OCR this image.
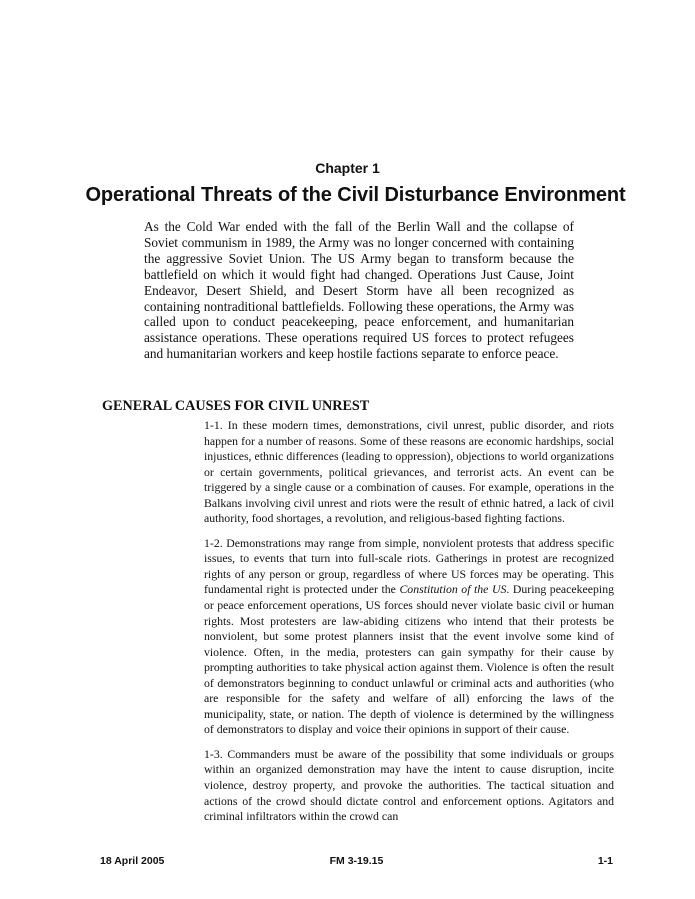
Chapter 1
Operational Threats of the Civil Disturbance Environment

As the Cold War ended with the fall of the Berlin Wall and the collapse of Soviet communism in 1989, the Army was no longer concerned with containing the aggressive Soviet Union. The US Army began to transform because the battlefield on which it would fight had changed. Operations Just Cause, Joint Endeavor, Desert Shield, and Desert Storm have all been recognized as containing nontraditional battlefields. Following these operations, the Army was called upon to conduct peacekeeping, peace enforcement, and humanitarian assistance operations. These operations required US forces to protect refugees and humanitarian workers and keep hostile factions separate to enforce peace.

GENERAL CAUSES FOR CIVIL UNREST

1-1. In these modern times, demonstrations, civil unrest, public disorder, and riots happen for a number of reasons. Some of these reasons are economic hardships, social injustices, ethnic differences (leading to oppression), objections to world organizations or certain governments, political grievances, and terrorist acts. An event can be triggered by a single cause or a combination of causes. For example, operations in the Balkans involving civil unrest and riots were the result of ethnic hatred, a lack of civil authority, food shortages, a revolution, and religious-based fighting factions.

1-2. Demonstrations may range from simple, nonviolent protests that address specific issues, to events that turn into full-scale riots. Gatherings in protest are recognized rights of any person or group, regardless of where US forces may be operating. This fundamental right is protected under the Constitution of the US. During peacekeeping or peace enforcement operations, US forces should never violate basic civil or human rights. Most protesters are law-abiding citizens who intend that their protests be nonviolent, but some protest planners insist that the event involve some kind of violence. Often, in the media, protesters can gain sympathy for their cause by prompting authorities to take physical action against them. Violence is often the result of demonstrators beginning to conduct unlawful or criminal acts and authorities (who are responsible for the safety and welfare of all) enforcing the laws of the municipality, state, or nation. The depth of violence is determined by the willingness of demonstrators to display and voice their opinions in support of their cause.

1-3. Commanders must be aware of the possibility that some individuals or groups within an organized demonstration may have the intent to cause disruption, incite violence, destroy property, and provoke the authorities. The tactical situation and actions of the crowd should dictate control and enforcement options. Agitators and criminal infiltrators within the crowd can

FM 3-19.15
18 April 2005	1-1
